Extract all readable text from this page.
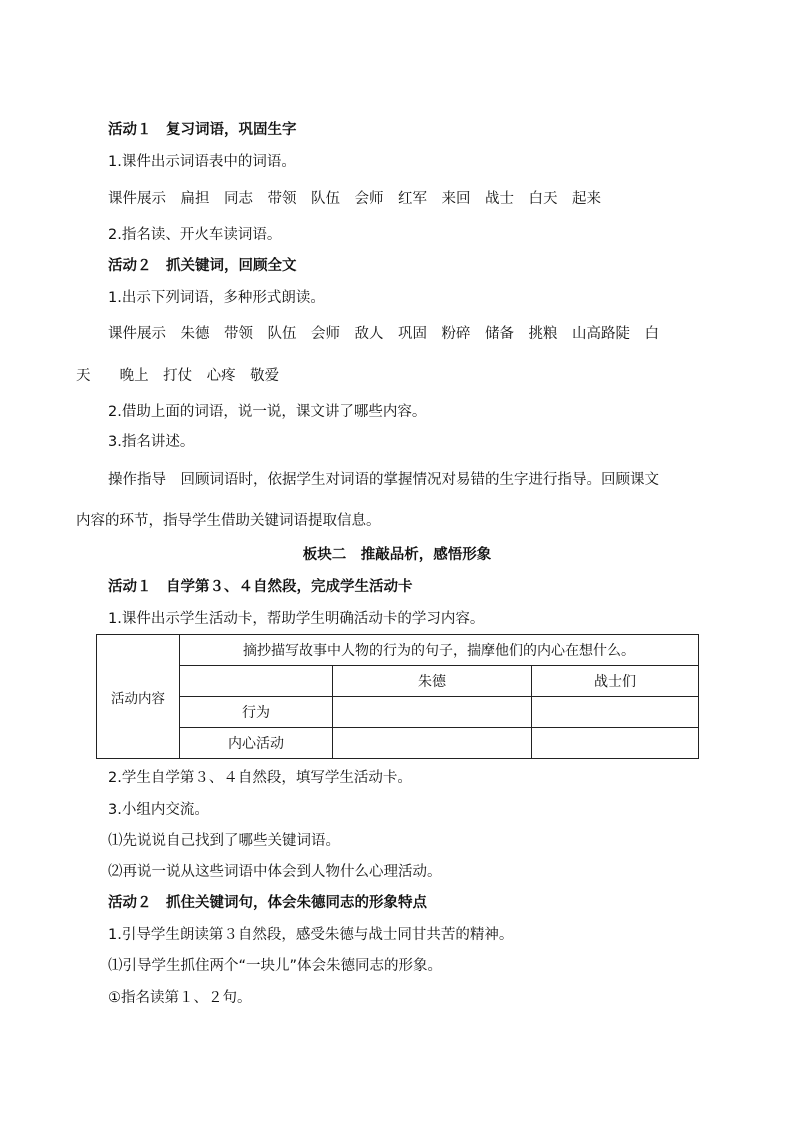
活动１　复习词语，巩固生字
1.课件出示词语表中的词语。
课件展示　扁担　同志　带领　队伍　会师　红军　来回　战士　白天　起来
2.指名读、开火车读词语。
活动２　抓关键词，回顾全文
1.出示下列词语，多种形式朗读。
课件展示　朱德　带领　队伍　会师　敌人　巩固　粉碎　储备　挑粮　山高路陡　白
天　 晚上　打仗　心疼　敬爱
2.借助上面的词语，说一说，课文讲了哪些内容。
3.指名讲述。
操作指导　回顾词语时，依据学生对词语的掌握情况对易错的生字进行指导。回顾课文
内容的环节，指导学生借助关键词语提取信息。
板块二　推敲品析，感悟形象
活动１　自学第３、４自然段，完成学生活动卡
1.课件出示学生活动卡，帮助学生明确活动卡的学习内容。
活动内容	摘抄描写故事中人物的行为的句子，揣摩他们的内心在想什么。		
		朱德	战士们
	行为		
	内心活动		
2.学生自学第３、４自然段，填写学生活动卡。
3.小组内交流。
⑴先说说自己找到了哪些关键词语。
⑵再说一说从这些词语中体会到人物什么心理活动。
活动２　抓住关键词句，体会朱德同志的形象特点
1.引导学生朗读第３自然段，感受朱德与战士同甘共苦的精神。
⑴引导学生抓住两个“一块儿”体会朱德同志的形象。
①指名读第１、２句。
